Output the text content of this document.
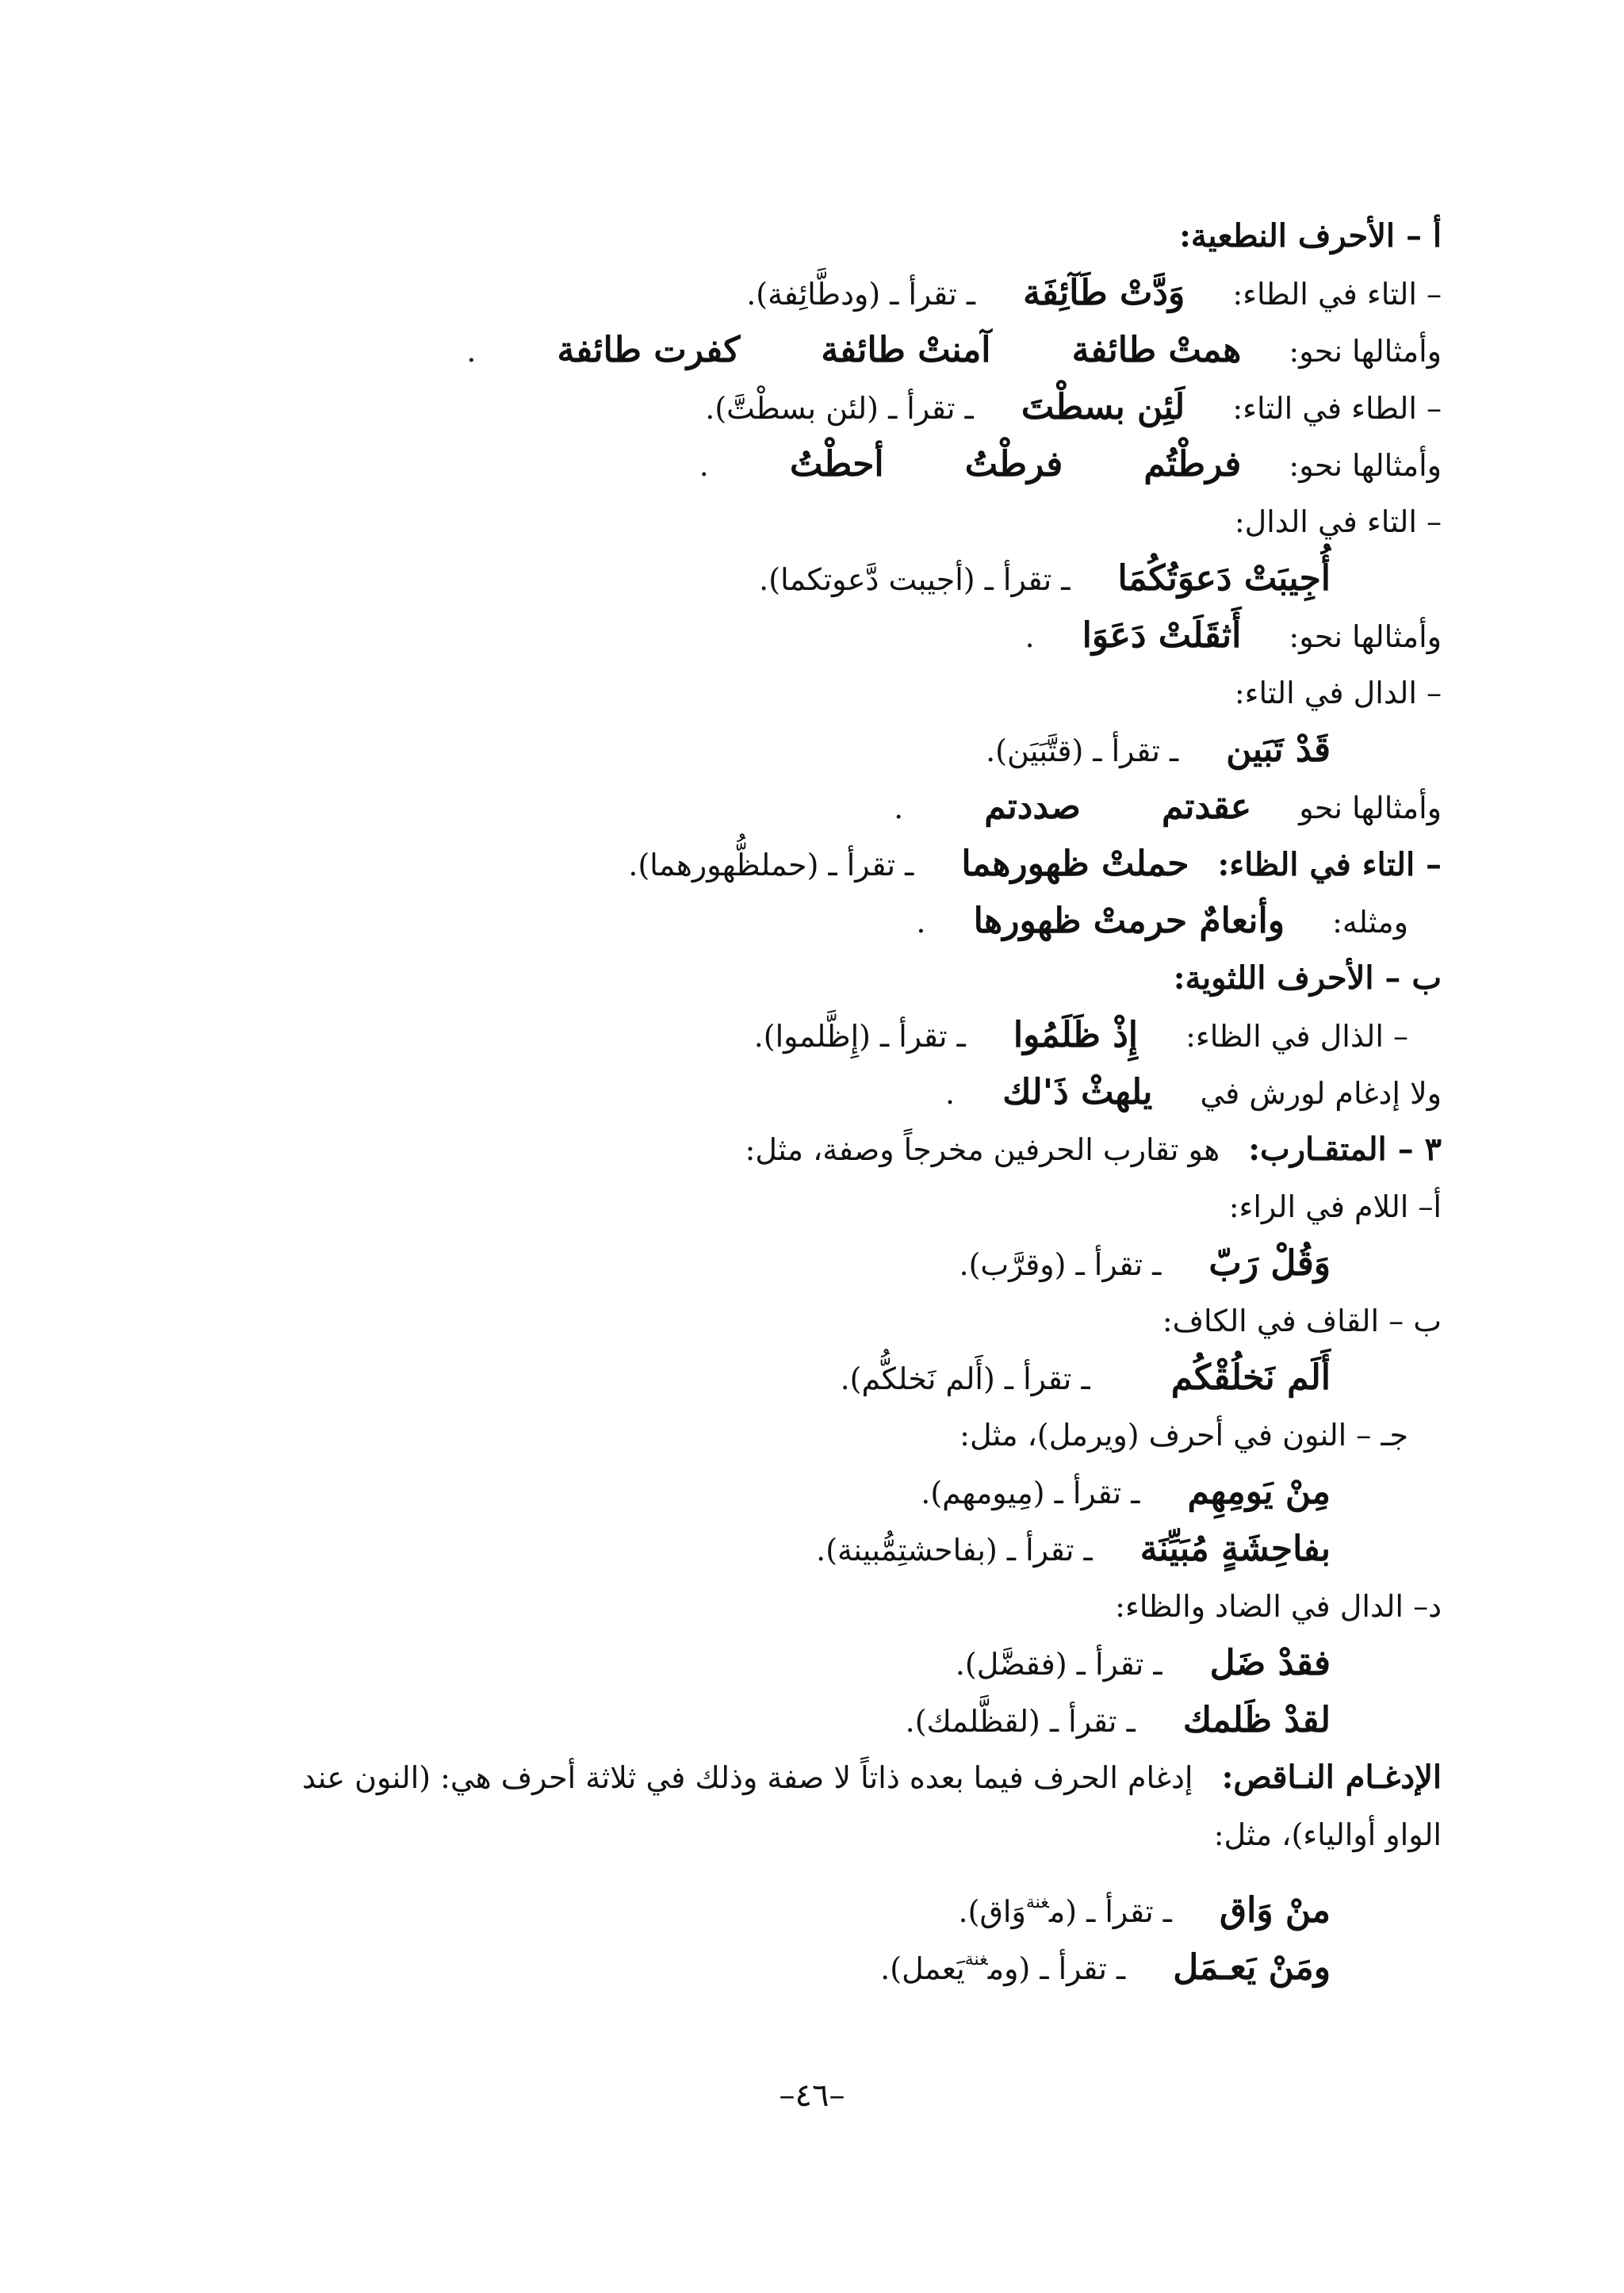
أ – الأحرف النطعية:
– التاء في الطاء: وَدَّتْ طَآئِفَة ـ تقرأ ـ (ودطَّائِفة).
وأمثالها نحو: همتْ طائفة آمنتْ طائفة كفرت طائفة .
– الطاء في التاء: لَئِن بسطْتَ ـ تقرأ ـ (لئن بسطْتَّ).
وأمثالها نحو: فرطْتُم فرطْتُ أحطْتُ .
– التاء في الدال:
أُجِيبَتْ دَعوَتُكُمَا ـ تقرأ ـ (أجيبت دَّعوتكما).
وأمثالها نحو: أَثقَلَتْ دَعَوَا .
– الدال في التاء:
قَدْ تَبَين ـ تقرأ ـ (قتَّبَيَن).
وأمثالها نحو عقدتم صددتم .
– التاء في الظاء: حملتْ ظهورهما ـ تقرأ ـ (حملظُّهورهما).
ومثله: وأنعامٌ حرمتْ ظهورها .
ب – الأحرف اللثوية:
– الذال في الظاء: إِذْ ظَلَمُوا ـ تقرأ ـ (إِظَّلموا).
ولا إدغام لورش في يلهثْ ذَ'لك .
٣ – المتقـارب: هو تقارب الحرفين مخرجاً وصفة، مثل:
أ– اللام في الراء:
وَقُلْ رَبّ ـ تقرأ ـ (وقرَّب).
ب – القاف في الكاف:
أَلَم نَخلُقْكُم ـ تقرأ ـ (أَلم نَخلكُّم).
جـ – النون في أحرف (ويرمل)، مثل:
مِنْ يَومِهِم ـ تقرأ ـ (مِيومهم).
بفاحِشَةٍ مُبَيِّنَة ـ تقرأ ـ (بفاحشتِمُّبينة).
د– الدال في الضاد والظاء:
فقدْ ضَل ـ تقرأ ـ (فقضَّل).
لقدْ ظَلمك ـ تقرأ ـ (لقظَّلمك).
الإدغـام النـاقص: إدغام الحرف فيما بعده ذاتاً لا صفة وذلك في ثلاثة أحرف هي: (النون عند الواو أوالياء)، مثل:
منْ وَاق ـ تقرأ ـ (م$^{غنة}$وَاق).
ومَنْ يَعـمَل ـ تقرأ ـ (وم$^{غنة}$يَعمل).
–٤٦–
